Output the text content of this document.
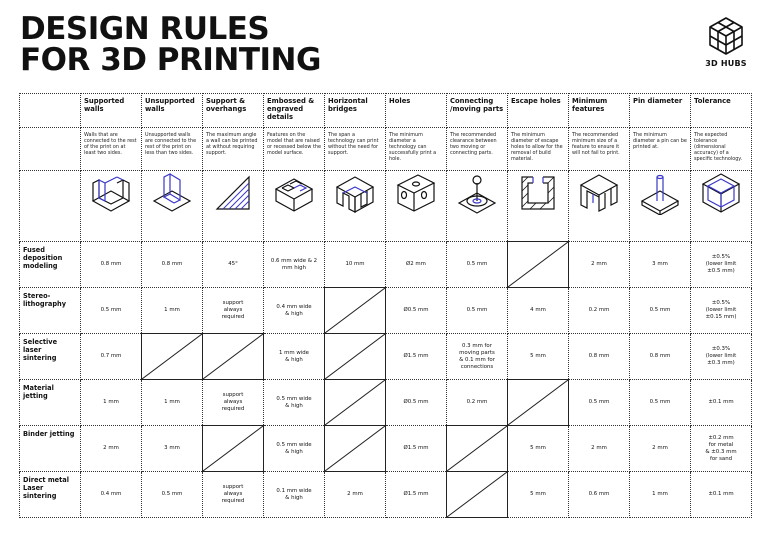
DESIGN RULES
FOR 3D PRINTING	3D HUBS

	Supported walls	Unsupported walls	Support & overhangs	Embossed & engraved details	Horizontal bridges	Holes	Connecting /moving parts	Escape holes	Minimum features	Pin diameter	Tolerance

	Walls that are connected to the rest of the print on at least two sides.	Unsupported walls are connected to the rest of the print on less than two sides.	The maximum angle a wall can be printed at without requiring support.	Features on the model that are raised or recessed below the model surface.	The span a technology can print without the need for support.	The minimum diameter a technology can successfully print a hole.	The recommended clearance between two moving or connecting parts.	The minimum diameter of escape holes to allow for the removal of build material.	The recommended minimum size of a feature to ensure it will not fail to print.	The minimum diameter a pin can be printed at.	The expected tolerance (dimensional accuracy) of a specific technology.

Fused deposition modeling	0.8 mm	0.8 mm	45°	0.6 mm wide & 2 mm high	10 mm	Ø2 mm	0.5 mm		2 mm	3 mm	±0.5%
(lower limit
±0.5 mm)

Stereo-lithography	0.5 mm	1 mm	support
always
required	0.4 mm wide
& high		Ø0.5 mm	0.5 mm	4 mm	0.2 mm	0.5 mm	±0.5%
(lower limit
±0.15 mm)

Selective laser sintering	0.7 mm			1 mm wide
& high		Ø1.5 mm	0.3 mm for
moving parts
& 0.1 mm for
connections	5 mm	0.8 mm	0.8 mm	±0.3%
(lower limit
±0.3 mm)

Material jetting	1 mm	1 mm	support
always
required	0.5 mm wide
& high		Ø0.5 mm	0.2 mm		0.5 mm	0.5 mm	±0.1 mm

Binder jetting	2 mm	3 mm		0.5 mm wide
& high		Ø1.5 mm		5 mm	2 mm	2 mm	±0.2 mm
for metal
& ±0.3 mm
for sand

Direct metal Laser sintering	0.4 mm	0.5 mm	support
always
required	0.1 mm wide
& high	2 mm	Ø1.5 mm		5 mm	0.6 mm	1 mm	±0.1 mm
